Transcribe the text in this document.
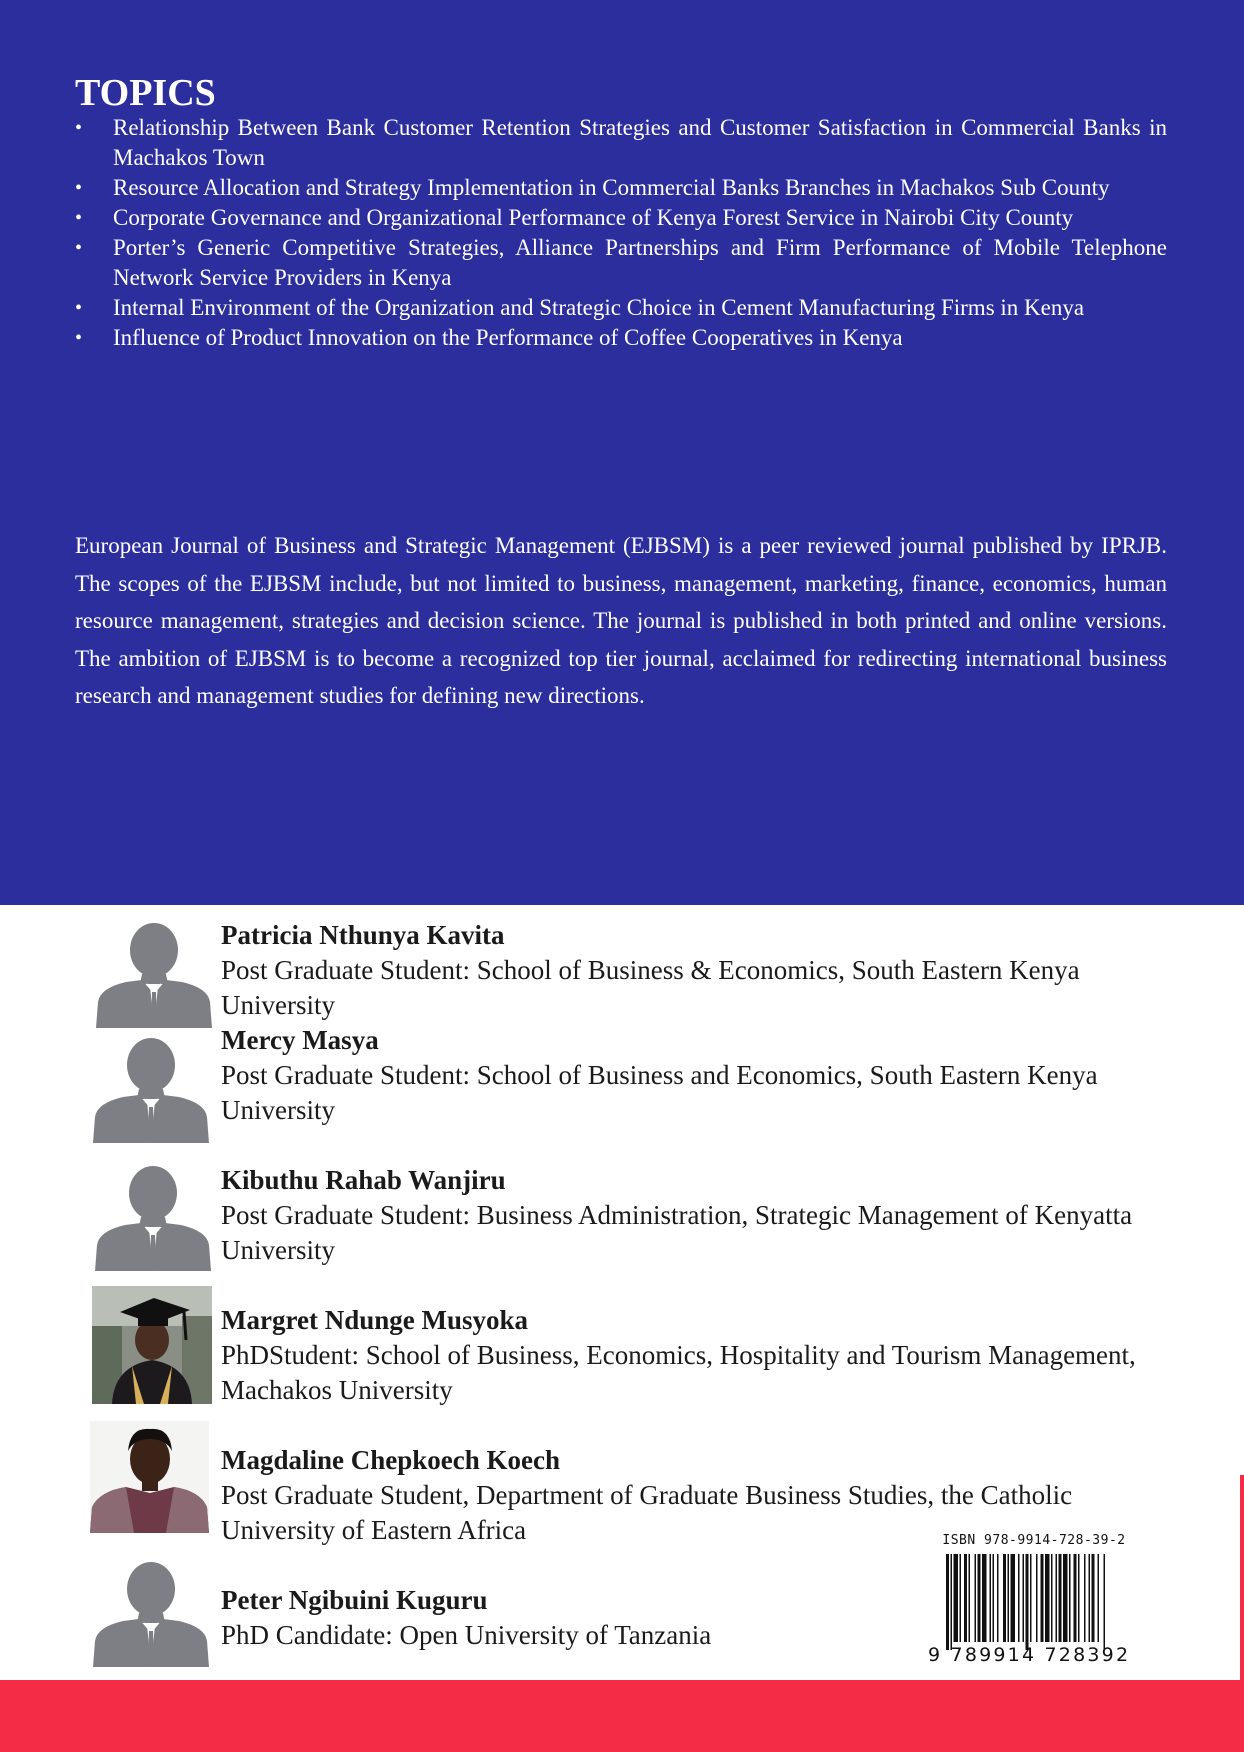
TOPICS
• Relationship Between Bank Customer Retention Strategies and Customer Satisfaction in Commercial Banks in Machakos Town
• Resource Allocation and Strategy Implementation in Commercial Banks Branches in Machakos Sub County
• Corporate Governance and Organizational Performance of Kenya Forest Service in Nairobi City County
• Porter’s Generic Competitive Strategies, Alliance Partnerships and Firm Performance of Mobile Telephone Network Service Providers in Kenya
• Internal Environment of the Organization and Strategic Choice in Cement Manufacturing Firms in Kenya
• Influence of Product Innovation on the Performance of Coffee Cooperatives in Kenya

European Journal of Business and Strategic Management (EJBSM) is a peer reviewed journal published by IPRJB. The scopes of the EJBSM include, but not limited to business, management, marketing, finance, economics, human resource management, strategies and decision science. The journal is published in both printed and online versions. The ambition of EJBSM is to become a recognized top tier journal, acclaimed for redirecting international business research and management studies for defining new directions.

Patricia Nthunya Kavita
Post Graduate Student: School of Business & Economics, South Eastern Kenya University
Mercy Masya
Post Graduate Student: School of Business and Economics, South Eastern Kenya University
Kibuthu Rahab Wanjiru
Post Graduate Student: Business Administration, Strategic Management of Kenyatta University
Margret Ndunge Musyoka
PhDStudent: School of Business, Economics, Hospitality and Tourism Management, Machakos University
Magdaline Chepkoech Koech
Post Graduate Student, Department of Graduate Business Studies, the Catholic University of Eastern Africa
Peter Ngibuini Kuguru
PhD Candidate: Open University of Tanzania
ISBN 978-9914-728-39-2
9 789914 728392
